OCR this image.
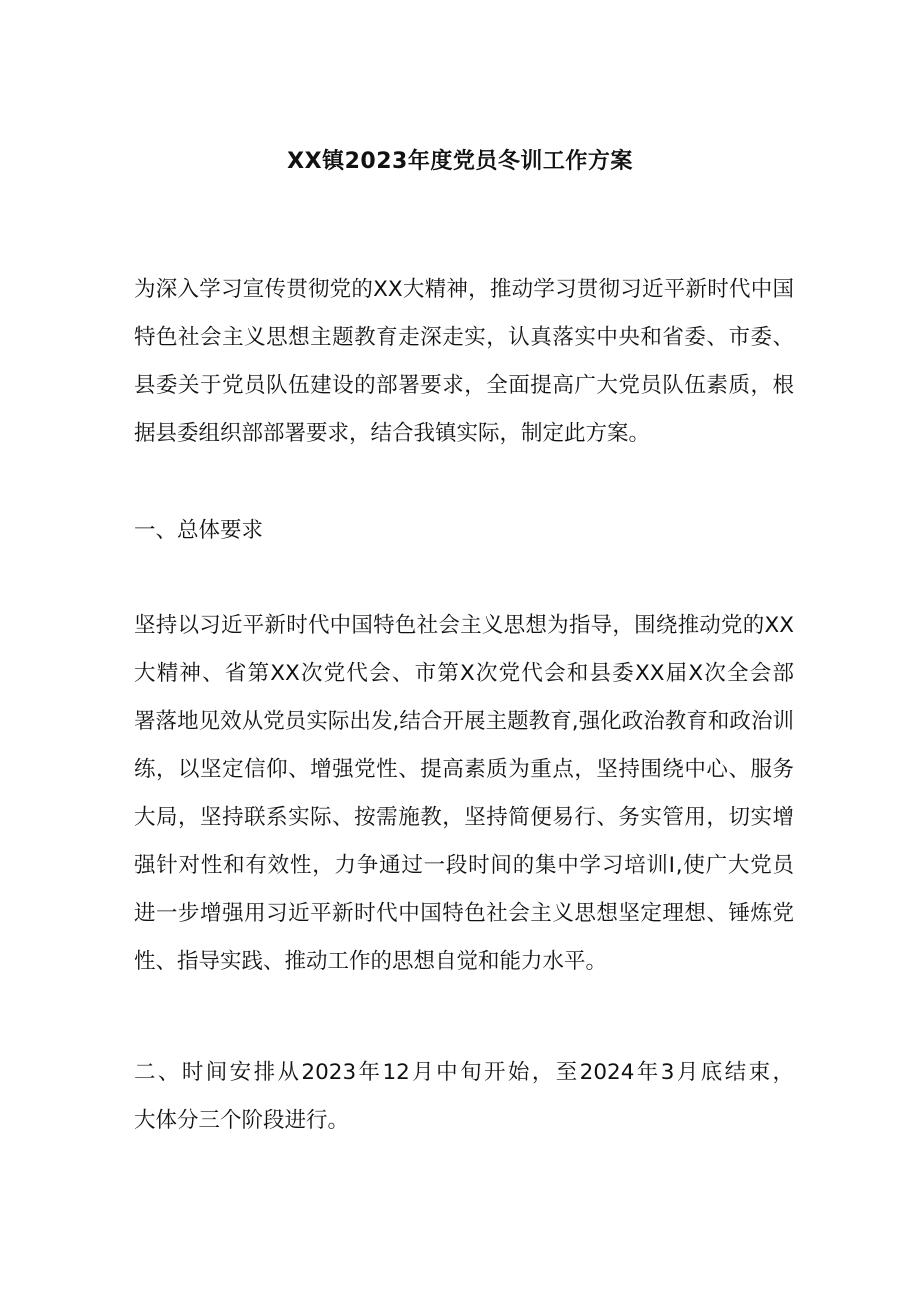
XX镇2023年度党员冬训工作方案
为深入学习宣传贯彻党的XX大精神，推动学习贯彻习近平新时代中国
特色社会主义思想主题教育走深走实，认真落实中央和省委、市委、
县委关于党员队伍建设的部署要求，全面提高广大党员队伍素质，根
据县委组织部部署要求，结合我镇实际，制定此方案。
一、总体要求
坚持以习近平新时代中国特色社会主义思想为指导，围绕推动党的XX
大精神、省第XX次党代会、市第X次党代会和县委XX届X次全会部
署落地见效从党员实际出发,结合开展主题教育,强化政治教育和政治训
练，以坚定信仰、增强党性、提高素质为重点，坚持围绕中心、服务
大局，坚持联系实际、按需施教，坚持简便易行、务实管用，切实增
强针对性和有效性，力争通过一段时间的集中学习培训Ⅰ,使广大党员
进一步增强用习近平新时代中国特色社会主义思想坚定理想、锤炼党
性、指导实践、推动工作的思想自觉和能力水平。
二、时间安排从2023年12月中旬开始，至2024年3月底结束，
大体分三个阶段进行。
